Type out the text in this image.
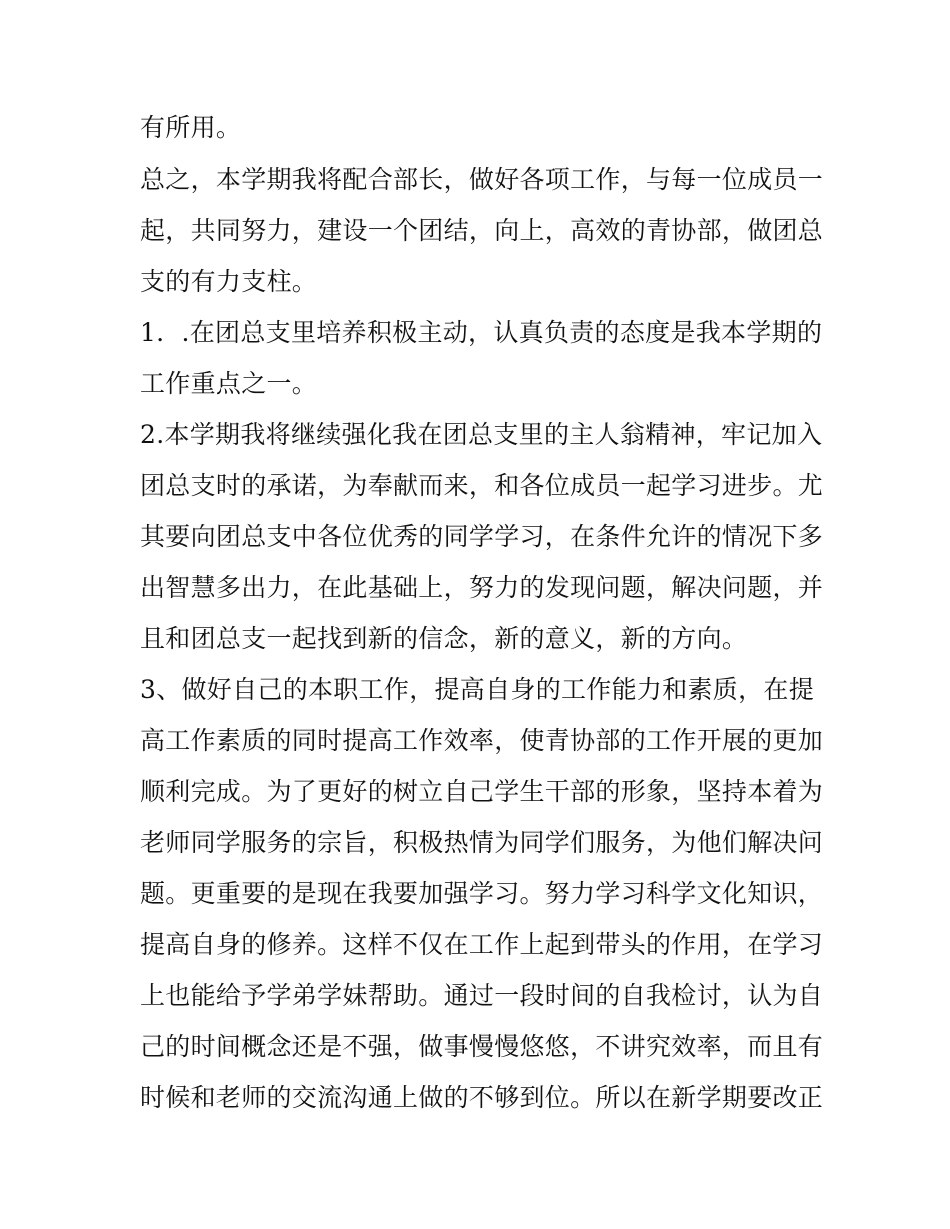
有所用。
总之，本学期我将配合部长，做好各项工作，与每一位成员一
起，共同努力，建设一个团结，向上，高效的青协部，做团总
支的有力支柱。
1．.在团总支里培养积极主动，认真负责的态度是我本学期的
工作重点之一。
2.本学期我将继续强化我在团总支里的主人翁精神，牢记加入
团总支时的承诺，为奉献而来，和各位成员一起学习进步。尤
其要向团总支中各位优秀的同学学习，在条件允许的情况下多
出智慧多出力，在此基础上，努力的发现问题，解决问题，并
且和团总支一起找到新的信念，新的意义，新的方向。
3、做好自己的本职工作，提高自身的工作能力和素质，在提
高工作素质的同时提高工作效率，使青协部的工作开展的更加
顺利完成。为了更好的树立自己学生干部的形象，坚持本着为
老师同学服务的宗旨，积极热情为同学们服务，为他们解决问
题。更重要的是现在我要加强学习。努力学习科学文化知识，
提高自身的修养。这样不仅在工作上起到带头的作用，在学习
上也能给予学弟学妹帮助。通过一段时间的自我检讨，认为自
己的时间概念还是不强，做事慢慢悠悠，不讲究效率，而且有
时候和老师的交流沟通上做的不够到位。所以在新学期要改正
